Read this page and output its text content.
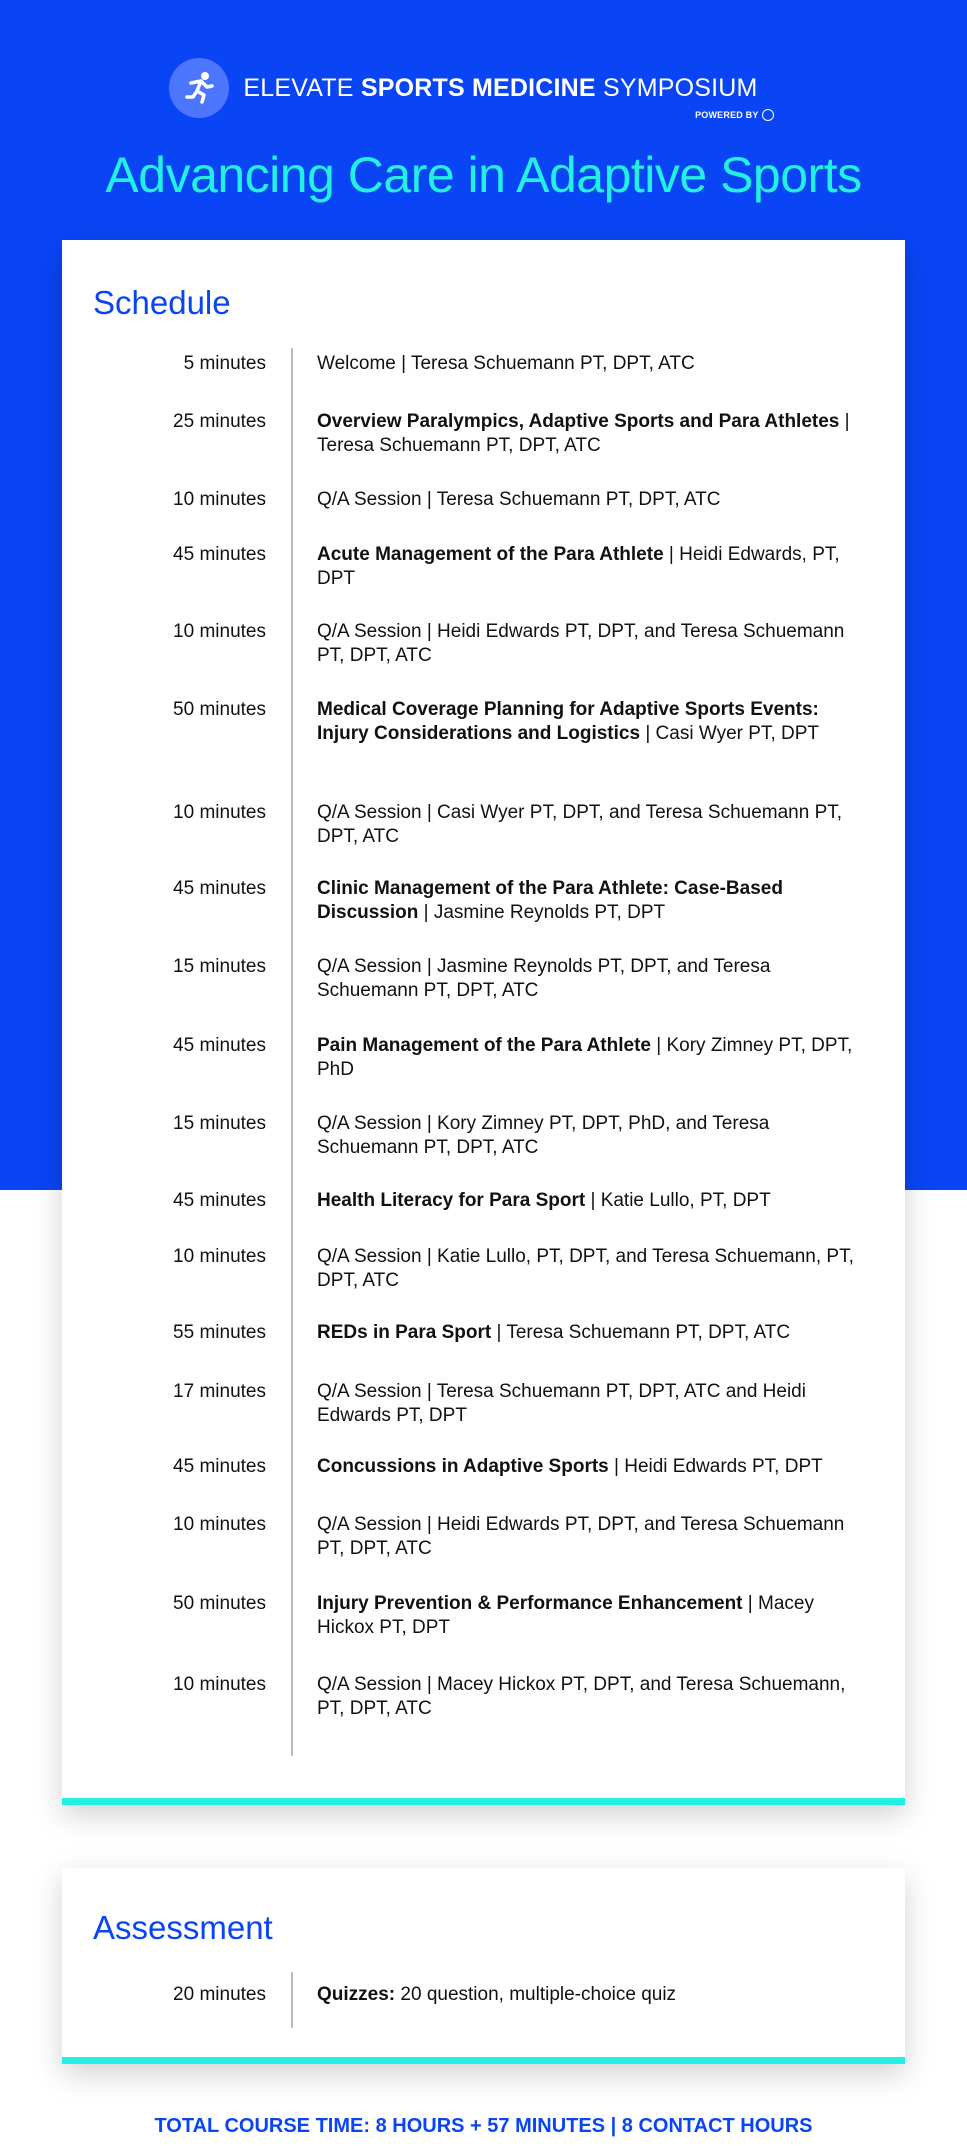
ELEVATE SPORTS MEDICINE SYMPOSIUM
POWERED BY
Advancing Care in Adaptive Sports
Schedule
5 minutes	Welcome | Teresa Schuemann PT, DPT, ATC
25 minutes	Overview Paralympics, Adaptive Sports and Para Athletes | Teresa Schuemann PT, DPT, ATC
10 minutes	Q/A Session | Teresa Schuemann PT, DPT, ATC
45 minutes	Acute Management of the Para Athlete | Heidi Edwards, PT, DPT
10 minutes	Q/A Session | Heidi Edwards PT, DPT, and Teresa Schuemann PT, DPT, ATC
50 minutes	Medical Coverage Planning for Adaptive Sports Events: Injury Considerations and Logistics | Casi Wyer PT, DPT
10 minutes	Q/A Session | Casi Wyer PT, DPT, and Teresa Schuemann PT, DPT, ATC
45 minutes	Clinic Management of the Para Athlete: Case-Based Discussion | Jasmine Reynolds PT, DPT
15 minutes	Q/A Session | Jasmine Reynolds PT, DPT, and Teresa Schuemann PT, DPT, ATC
45 minutes	Pain Management of the Para Athlete | Kory Zimney PT, DPT, PhD
15 minutes	Q/A Session | Kory Zimney PT, DPT, PhD, and Teresa Schuemann PT, DPT, ATC
45 minutes	Health Literacy for Para Sport | Katie Lullo, PT, DPT
10 minutes	Q/A Session | Katie Lullo, PT, DPT, and Teresa Schuemann, PT, DPT, ATC
55 minutes	REDs in Para Sport | Teresa Schuemann PT, DPT, ATC
17 minutes	Q/A Session | Teresa Schuemann PT, DPT, ATC and Heidi Edwards PT, DPT
45 minutes	Concussions in Adaptive Sports | Heidi Edwards PT, DPT
10 minutes	Q/A Session | Heidi Edwards PT, DPT, and Teresa Schuemann PT, DPT, ATC
50 minutes	Injury Prevention & Performance Enhancement | Macey Hickox PT, DPT
10 minutes	Q/A Session | Macey Hickox PT, DPT, and Teresa Schuemann, PT, DPT, ATC
Assessment
20 minutes	Quizzes: 20 question, multiple-choice quiz
TOTAL COURSE TIME: 8 HOURS + 57 MINUTES | 8 CONTACT HOURS
